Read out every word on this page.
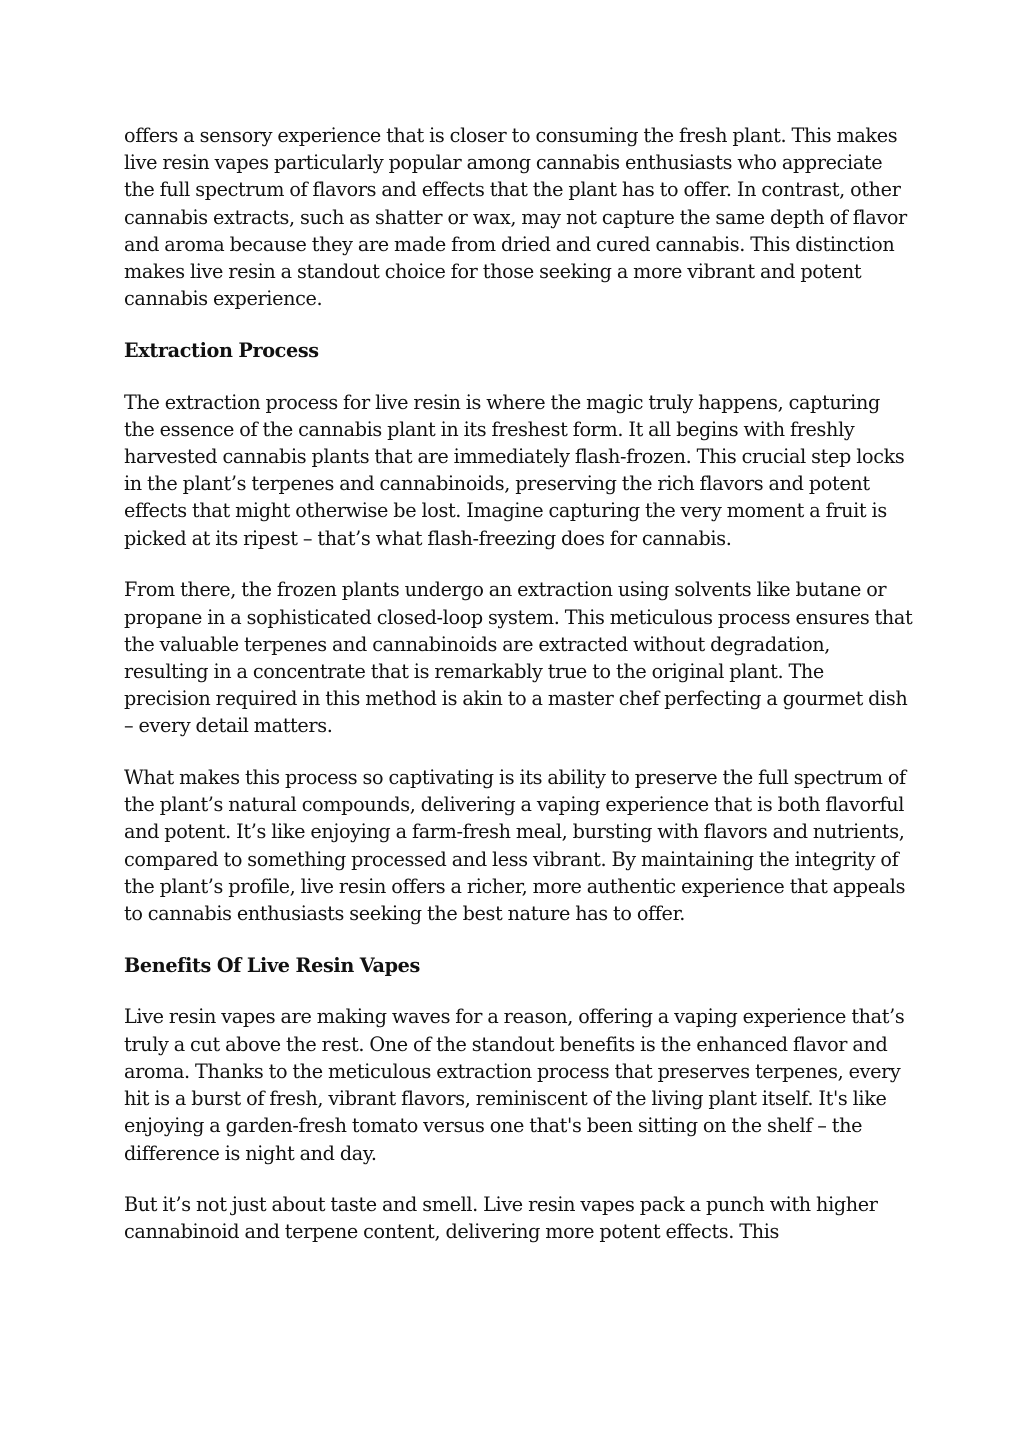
offers a sensory experience that is closer to consuming the fresh plant. This makes live resin vapes particularly popular among cannabis enthusiasts who appreciate the full spectrum of flavors and effects that the plant has to offer. In contrast, other cannabis extracts, such as shatter or wax, may not capture the same depth of flavor and aroma because they are made from dried and cured cannabis. This distinction makes live resin a standout choice for those seeking a more vibrant and potent cannabis experience.

Extraction Process

The extraction process for live resin is where the magic truly happens, capturing the essence of the cannabis plant in its freshest form. It all begins with freshly harvested cannabis plants that are immediately flash-frozen. This crucial step locks in the plant’s terpenes and cannabinoids, preserving the rich flavors and potent effects that might otherwise be lost. Imagine capturing the very moment a fruit is picked at its ripest – that’s what flash-freezing does for cannabis.

From there, the frozen plants undergo an extraction using solvents like butane or propane in a sophisticated closed-loop system. This meticulous process ensures that the valuable terpenes and cannabinoids are extracted without degradation, resulting in a concentrate that is remarkably true to the original plant. The precision required in this method is akin to a master chef perfecting a gourmet dish – every detail matters.

What makes this process so captivating is its ability to preserve the full spectrum of the plant’s natural compounds, delivering a vaping experience that is both flavorful and potent. It’s like enjoying a farm-fresh meal, bursting with flavors and nutrients, compared to something processed and less vibrant. By maintaining the integrity of the plant’s profile, live resin offers a richer, more authentic experience that appeals to cannabis enthusiasts seeking the best nature has to offer.

Benefits Of Live Resin Vapes

Live resin vapes are making waves for a reason, offering a vaping experience that’s truly a cut above the rest. One of the standout benefits is the enhanced flavor and aroma. Thanks to the meticulous extraction process that preserves terpenes, every hit is a burst of fresh, vibrant flavors, reminiscent of the living plant itself. It's like enjoying a garden-fresh tomato versus one that's been sitting on the shelf – the difference is night and day.

But it’s not just about taste and smell. Live resin vapes pack a punch with higher cannabinoid and terpene content, delivering more potent effects. This
